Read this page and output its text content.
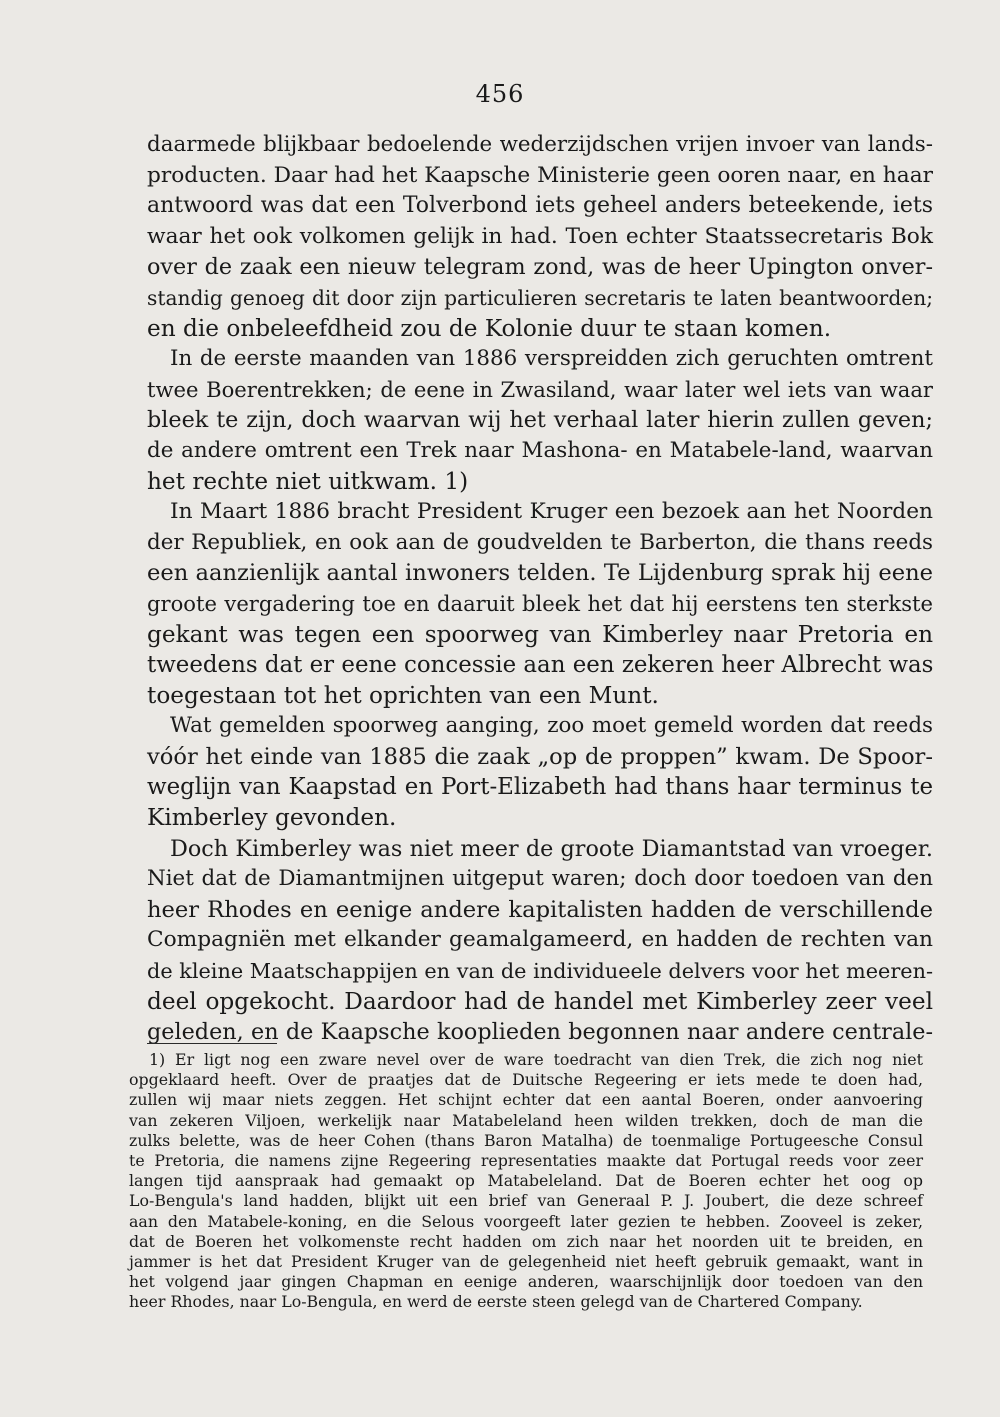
456
daarmede blijkbaar bedoelende wederzijdschen vrijen invoer van lands-
producten. Daar had het Kaapsche Ministerie geen ooren naar, en haar
antwoord was dat een Tolverbond iets geheel anders beteekende, iets
waar het ook volkomen gelijk in had. Toen echter Staatssecretaris Bok
over de zaak een nieuw telegram zond, was de heer Upington onver-
standig genoeg dit door zijn particulieren secretaris te laten beantwoorden;
en die onbeleefdheid zou de Kolonie duur te staan komen.
In de eerste maanden van 1886 verspreidden zich geruchten omtrent
twee Boerentrekken; de eene in Zwasiland, waar later wel iets van waar
bleek te zijn, doch waarvan wij het verhaal later hierin zullen geven;
de andere omtrent een Trek naar Mashona- en Matabele-land, waarvan
het rechte niet uitkwam. 1)
In Maart 1886 bracht President Kruger een bezoek aan het Noorden
der Republiek, en ook aan de goudvelden te Barberton, die thans reeds
een aanzienlijk aantal inwoners telden. Te Lijdenburg sprak hij eene
groote vergadering toe en daaruit bleek het dat hij eerstens ten sterkste
gekant was tegen een spoorweg van Kimberley naar Pretoria en
tweedens dat er eene concessie aan een zekeren heer Albrecht was
toegestaan tot het oprichten van een Munt.
Wat gemelden spoorweg aanging, zoo moet gemeld worden dat reeds
vóór het einde van 1885 die zaak „op de proppen” kwam. De Spoor-
weglijn van Kaapstad en Port-Elizabeth had thans haar terminus te
Kimberley gevonden.
Doch Kimberley was niet meer de groote Diamantstad van vroeger.
Niet dat de Diamantmijnen uitgeput waren; doch door toedoen van den
heer Rhodes en eenige andere kapitalisten hadden de verschillende
Compagniën met elkander geamalgameerd, en hadden de rechten van
de kleine Maatschappijen en van de individueele delvers voor het meeren-
deel opgekocht. Daardoor had de handel met Kimberley zeer veel
geleden, en de Kaapsche kooplieden begonnen naar andere centrale-
1) Er ligt nog een zware nevel over de ware toedracht van dien Trek, die zich nog niet
opgeklaard heeft. Over de praatjes dat de Duitsche Regeering er iets mede te doen had,
zullen wij maar niets zeggen. Het schijnt echter dat een aantal Boeren, onder aanvoering
van zekeren Viljoen, werkelijk naar Matabeleland heen wilden trekken, doch de man die
zulks belette, was de heer Cohen (thans Baron Matalha) de toenmalige Portugeesche Consul
te Pretoria, die namens zijne Regeering representaties maakte dat Portugal reeds voor zeer
langen tijd aanspraak had gemaakt op Matabeleland. Dat de Boeren echter het oog op
Lo-Bengula's land hadden, blijkt uit een brief van Generaal P. J. Joubert, die deze schreef
aan den Matabele-koning, en die Selous voorgeeft later gezien te hebben. Zooveel is zeker,
dat de Boeren het volkomenste recht hadden om zich naar het noorden uit te breiden, en
jammer is het dat President Kruger van de gelegenheid niet heeft gebruik gemaakt, want in
het volgend jaar gingen Chapman en eenige anderen, waarschijnlijk door toedoen van den
heer Rhodes, naar Lo-Bengula, en werd de eerste steen gelegd van de Chartered Company.
